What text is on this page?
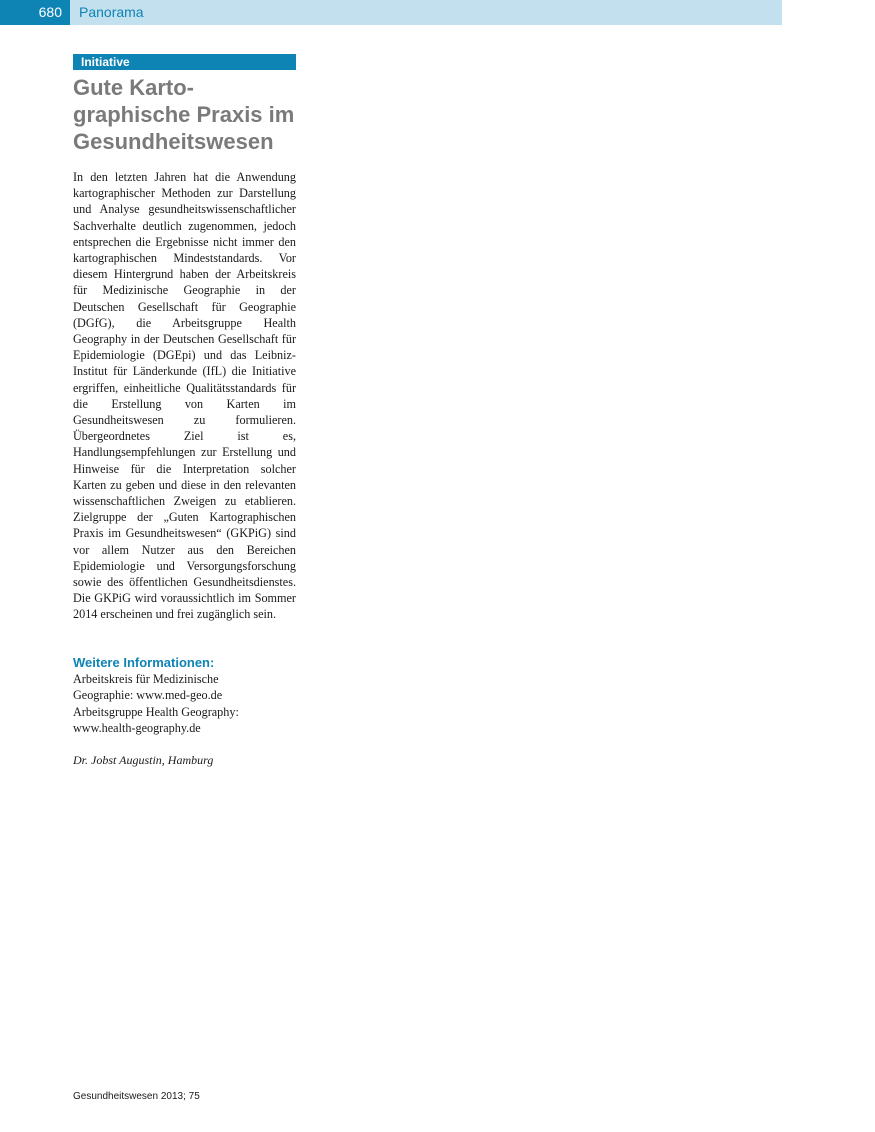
680	Panorama
Initiative
Gute Karto-
graphische Praxis im
Gesundheitswesen

In den letzten Jahren hat die Anwendung kartographischer Methoden zur Darstellung und Analyse gesundheitswissenschaftlicher Sachverhalte deutlich zugenommen, jedoch entsprechen die Ergebnisse nicht immer den kartographischen Mindeststandards. Vor diesem Hintergrund haben der Arbeitskreis für Medizinische Geographie in der Deutschen Gesellschaft für Geographie (DGfG), die Arbeitsgruppe Health Geography in der Deutschen Gesellschaft für Epidemiologie (DGEpi) und das Leibniz-Institut für Länderkunde (IfL) die Initiative ergriffen, einheitliche Qualitätsstandards für die Erstellung von Karten im Gesundheitswesen zu formulieren. Übergeordnetes Ziel ist es, Handlungsempfehlungen zur Erstellung und Hinweise für die Interpretation solcher Karten zu geben und diese in den relevanten wissenschaftlichen Zweigen zu etablieren. Zielgruppe der „Guten Kartographischen Praxis im Gesundheitswesen“ (GKPiG) sind vor allem Nutzer aus den Bereichen Epidemiologie und Versorgungsforschung sowie des öffentlichen Gesundheitsdienstes. Die GKPiG wird voraussichtlich im Sommer 2014 erscheinen und frei zugänglich sein.

Weitere Informationen:
Arbeitskreis für Medizinische
Geographie: www.med-geo.de
Arbeitsgruppe Health Geography:
www.health-geography.de
Dr. Jobst Augustin, Hamburg
Gesundheitswesen 2013; 75
